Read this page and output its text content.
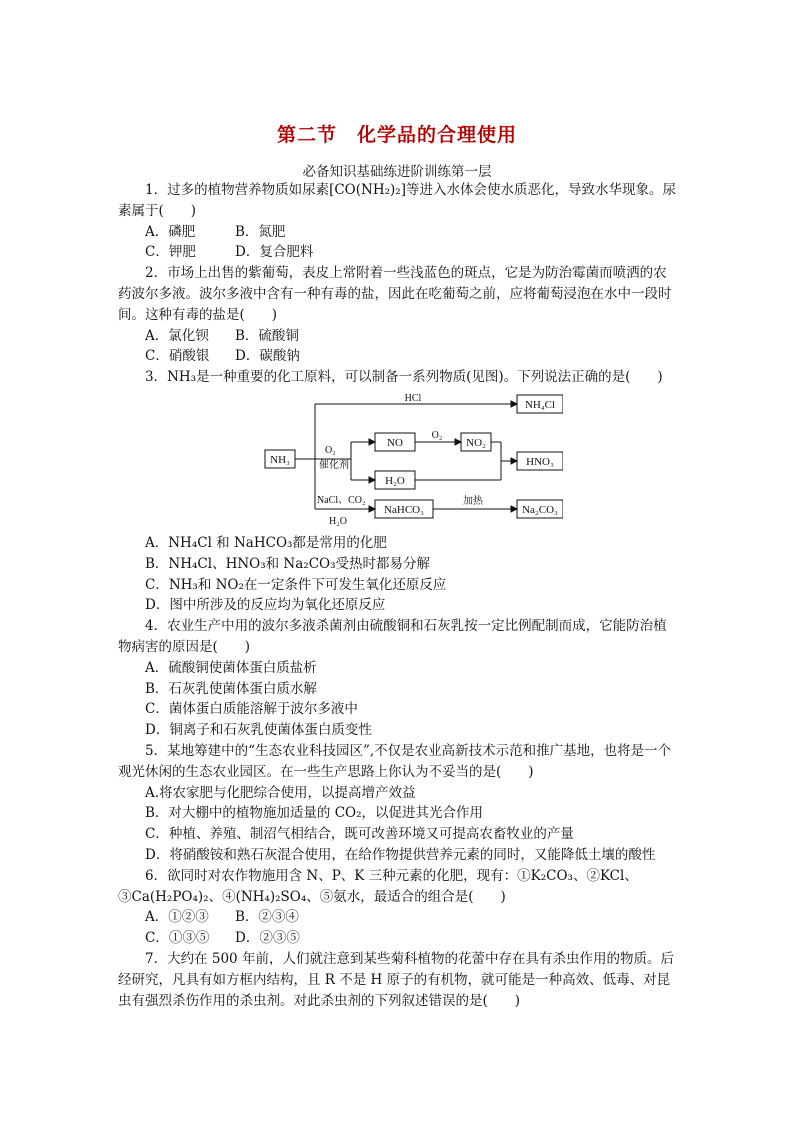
第二节　化学品的合理使用
必备知识基础练进阶训练第一层

1．过多的植物营养物质如尿素[CO(NH₂)₂]等进入水体会使水质恶化，导致水华现象。尿素属于(　　)

A．磷肥	B．氮肥
C．钾肥	D．复合肥料

2．市场上出售的紫葡萄，表皮上常附着一些浅蓝色的斑点，它是为防治霉菌而喷洒的农药波尔多液。波尔多液中含有一种有毒的盐，因此在吃葡萄之前，应将葡萄浸泡在水中一段时间。这种有毒的盐是(　　)

A．氯化钡 B．硫酸铜
C．硝酸银 D．碳酸钠

3．NH₃是一种重要的化工原料，可以制备一系列物质(见图)。下列说法正确的是(　　)

NH₃
NH₄Cl
HCl
O₂
催化剂
NO
O₂
NO₂
H₂O
HNO₃
NaCl、CO₂
H₂O
NaHCO₃
加热
Na₂CO₃
A．NH₄Cl 和 NaHCO₃都是常用的化肥
B．NH₄Cl、HNO₃和 Na₂CO₃受热时都易分解
C．NH₃和 NO₂在一定条件下可发生氧化还原反应
D．图中所涉及的反应均为氧化还原反应

4．农业生产中用的波尔多液杀菌剂由硫酸铜和石灰乳按一定比例配制而成，它能防治植物病害的原因是(　　)

A．硫酸铜使菌体蛋白质盐析
B．石灰乳使菌体蛋白质水解
C．菌体蛋白质能溶解于波尔多液中
D．铜离子和石灰乳使菌体蛋白质变性

5．某地筹建中的“生态农业科技园区”,不仅是农业高新技术示范和推广基地，也将是一个观光休闲的生态农业园区。在一些生产思路上你认为不妥当的是(　　)

A.将农家肥与化肥综合使用，以提高增产效益
B．对大棚中的植物施加适量的 CO₂，以促进其光合作用
C．种植、养殖、制沼气相结合，既可改善环境又可提高农畜牧业的产量
D．将硝酸铵和熟石灰混合使用，在给作物提供营养元素的同时，又能降低土壤的酸性

6．欲同时对农作物施用含 N、P、K 三种元素的化肥，现有：①K₂CO₃、②KCl、③Ca(H₂PO₄)₂、④(NH₄)₂SO₄、⑤氨水，最适合的组合是(　　)

A．①②③ B．②③④
C．①③⑤ D．②③⑤

7．大约在 500 年前，人们就注意到某些菊科植物的花蕾中存在具有杀虫作用的物质。后经研究，凡具有如方框内结构，且 R 不是 H 原子的有机物，就可能是一种高效、低毒、对昆虫有强烈杀伤作用的杀虫剂。对此杀虫剂的下列叙述错误的是(　　)
